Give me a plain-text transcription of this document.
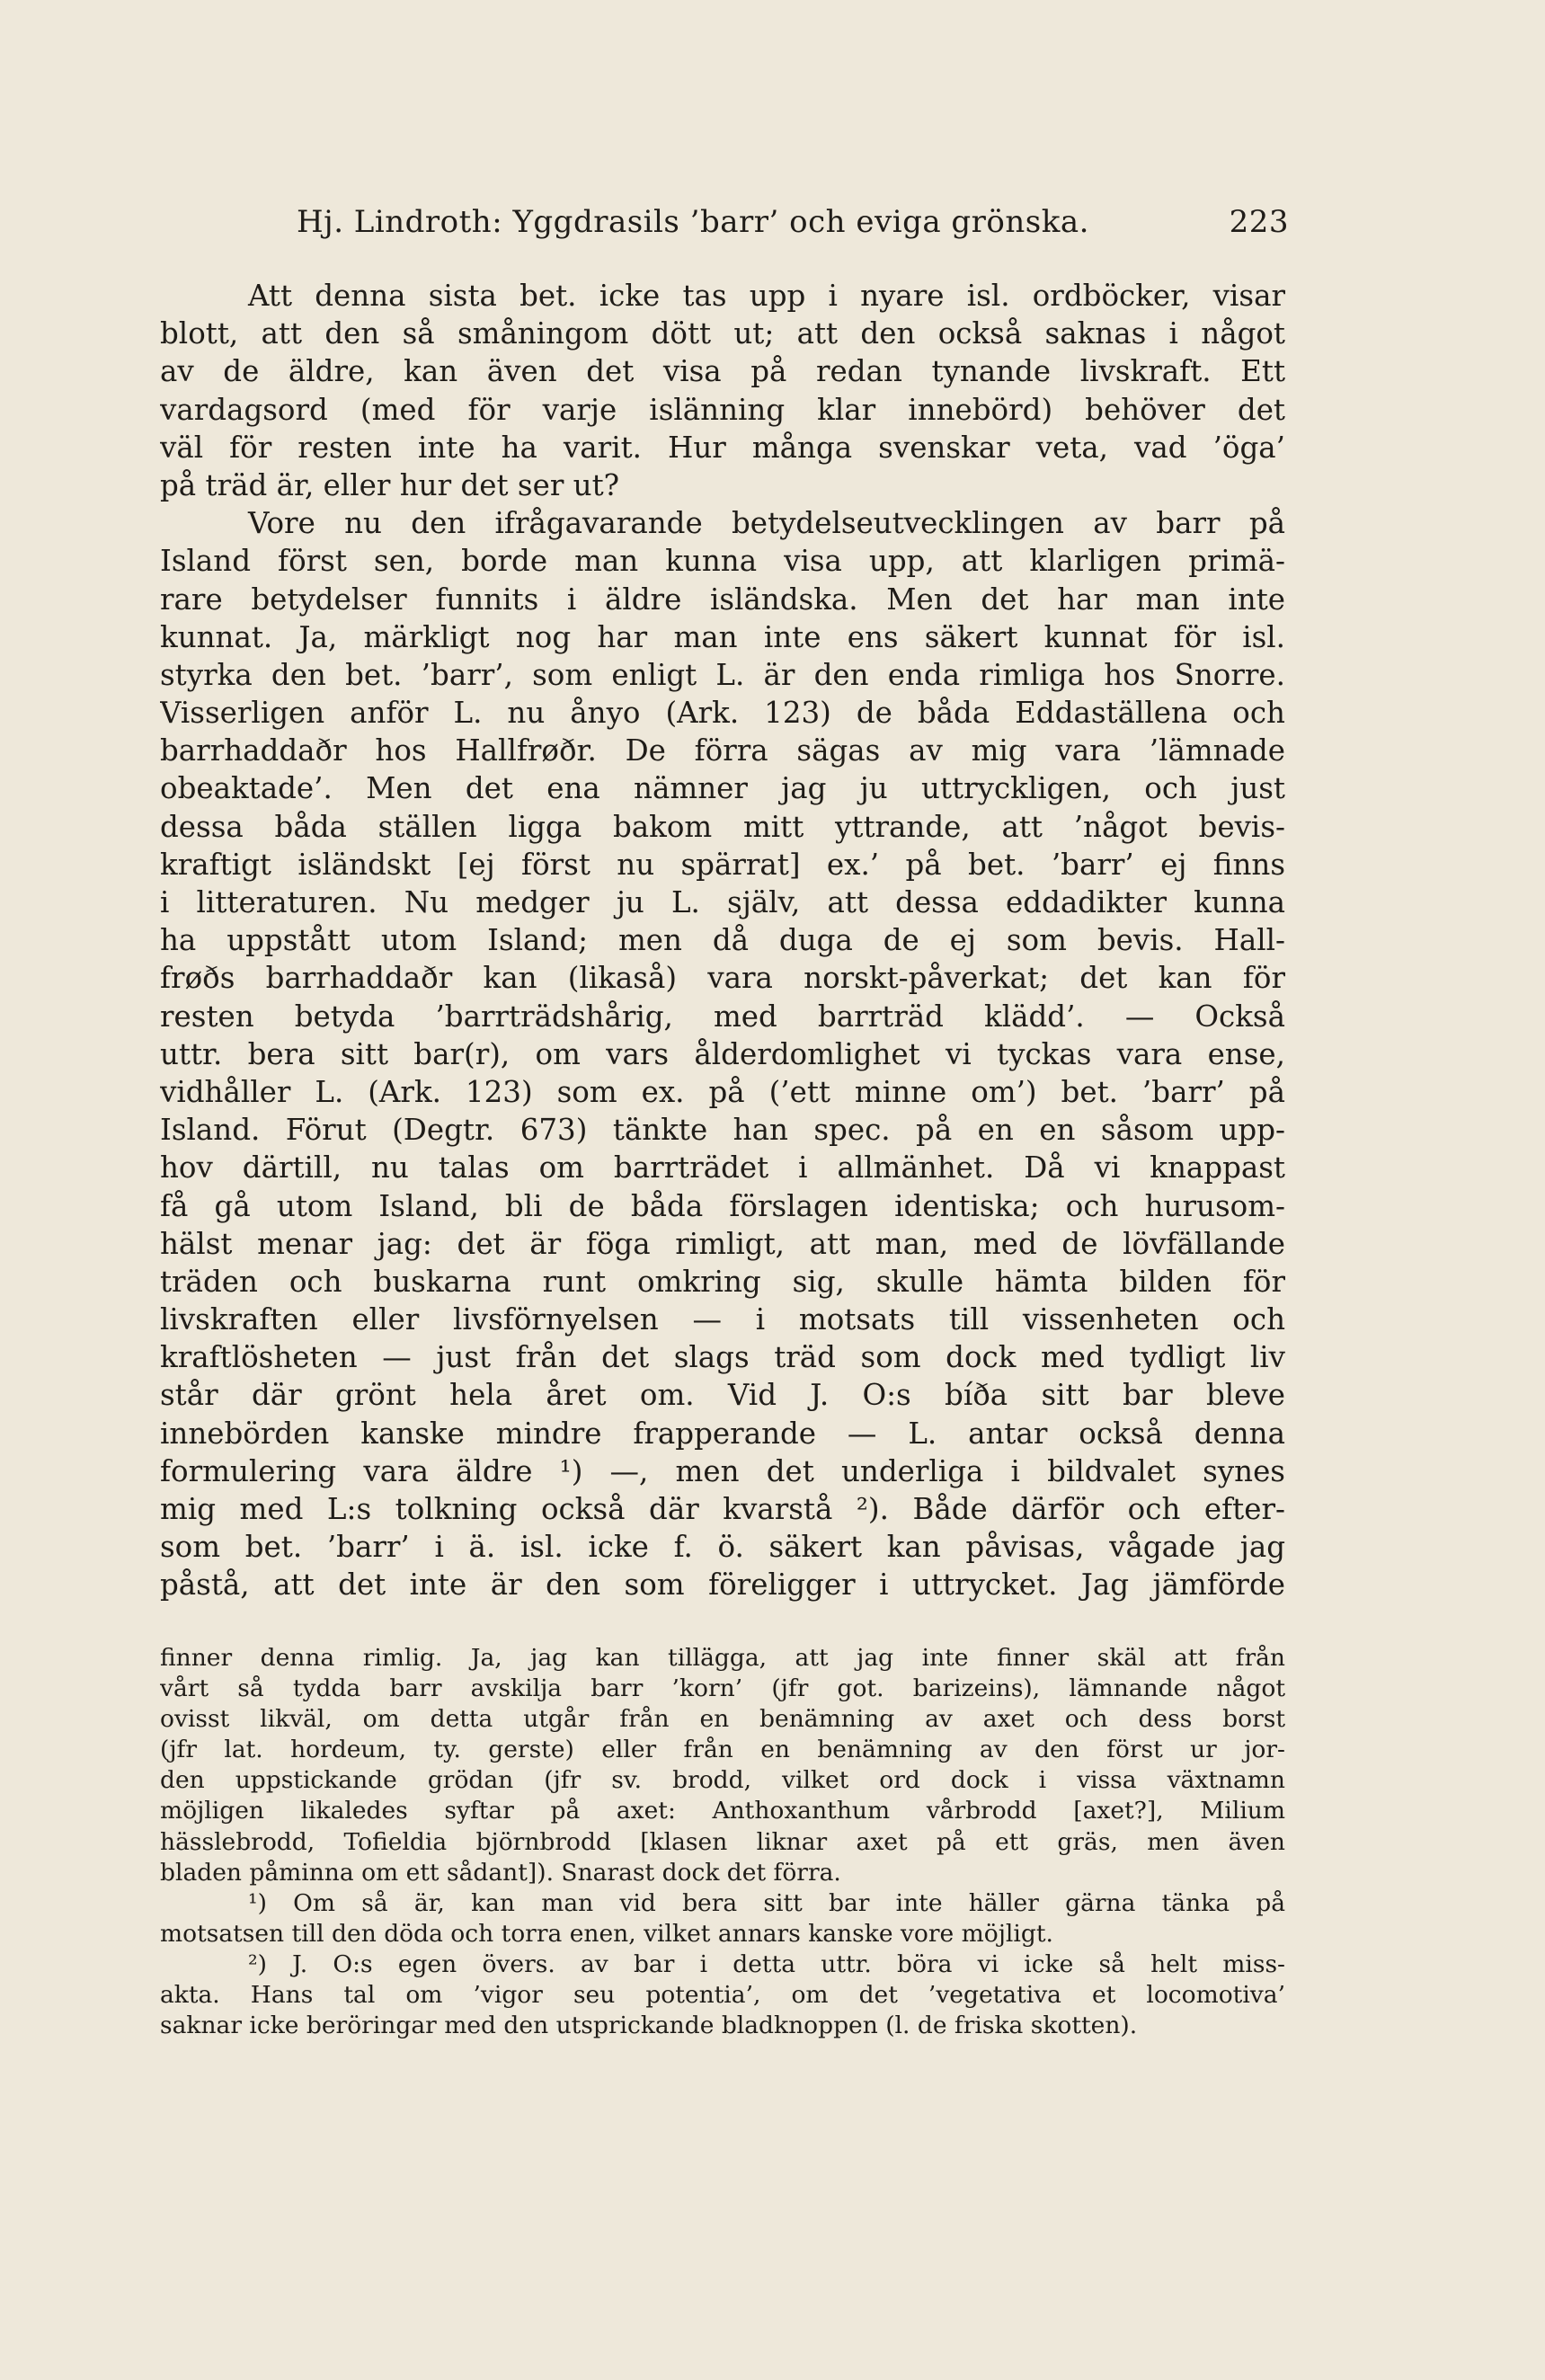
Hj. Lindroth: Yggdrasils ’barr’ och eviga grönska.	223
Att denna sista bet. icke tas upp i nyare isl. ordböcker, visar
blott, att den så småningom dött ut; att den också saknas i något
av de äldre, kan även det visa på redan tynande livskraft. Ett
vardagsord (med för varje islänning klar innebörd) behöver det
väl för resten inte ha varit. Hur många svenskar veta, vad ’öga’
på träd är, eller hur det ser ut?
Vore nu den ifrågavarande betydelseutvecklingen av barr på
Island först sen, borde man kunna visa upp, att klarligen primä-
rare betydelser funnits i äldre isländska. Men det har man inte
kunnat. Ja, märkligt nog har man inte ens säkert kunnat för isl.
styrka den bet. ’barr’, som enligt L. är den enda rimliga hos Snorre.
Visserligen anför L. nu ånyo (Ark. 123) de båda Eddaställena och
barrhaddaðr hos Hallfrøðr. De förra sägas av mig vara ’lämnade
obeaktade’. Men det ena nämner jag ju uttryckligen, och just
dessa båda ställen ligga bakom mitt yttrande, att ’något bevis-
kraftigt isländskt [ej först nu spärrat] ex.’ på bet. ’barr’ ej finns
i litteraturen. Nu medger ju L. själv, att dessa eddadikter kunna
ha uppstått utom Island; men då duga de ej som bevis. Hall-
frøðs barrhaddaðr kan (likaså) vara norskt-påverkat; det kan för
resten betyda ’barrträdshårig, med barrträd klädd’. — Också
uttr. bera sitt bar(r), om vars ålderdomlighet vi tyckas vara ense,
vidhåller L. (Ark. 123) som ex. på (’ett minne om’) bet. ’barr’ på
Island. Förut (Degtr. 673) tänkte han spec. på en en såsom upp-
hov därtill, nu talas om barrträdet i allmänhet. Då vi knappast
få gå utom Island, bli de båda förslagen identiska; och hurusom-
hälst menar jag: det är föga rimligt, att man, med de lövfällande
träden och buskarna runt omkring sig, skulle hämta bilden för
livskraften eller livsförnyelsen — i motsats till vissenheten och
kraftlösheten — just från det slags träd som dock med tydligt liv
står där grönt hela året om. Vid J. O:s bíða sitt bar bleve
innebörden kanske mindre frapperande — L. antar också denna
formulering vara äldre ¹) —, men det underliga i bildvalet synes
mig med L:s tolkning också där kvarstå ²). Både därför och efter-
som bet. ’barr’ i ä. isl. icke f. ö. säkert kan påvisas, vågade jag
påstå, att det inte är den som föreligger i uttrycket. Jag jämförde
finner denna rimlig. Ja, jag kan tillägga, att jag inte finner skäl att från
vårt så tydda barr avskilja barr ’korn’ (jfr got. barizeins), lämnande något
ovisst likväl, om detta utgår från en benämning av axet och dess borst
(jfr lat. hordeum, ty. gerste) eller från en benämning av den först ur jor-
den uppstickande grödan (jfr sv. brodd, vilket ord dock i vissa växtnamn
möjligen likaledes syftar på axet: Anthoxanthum vårbrodd [axet?], Milium
hässlebrodd, Tofieldia björnbrodd [klasen liknar axet på ett gräs, men även
bladen påminna om ett sådant]). Snarast dock det förra.
¹) Om så är, kan man vid bera sitt bar inte häller gärna tänka på
motsatsen till den döda och torra enen, vilket annars kanske vore möjligt.
²) J. O:s egen övers. av bar i detta uttr. böra vi icke så helt miss-
akta. Hans tal om ’vigor seu potentia’, om det ’vegetativa et locomotiva’
saknar icke beröringar med den utsprickande bladknoppen (l. de friska skotten).
